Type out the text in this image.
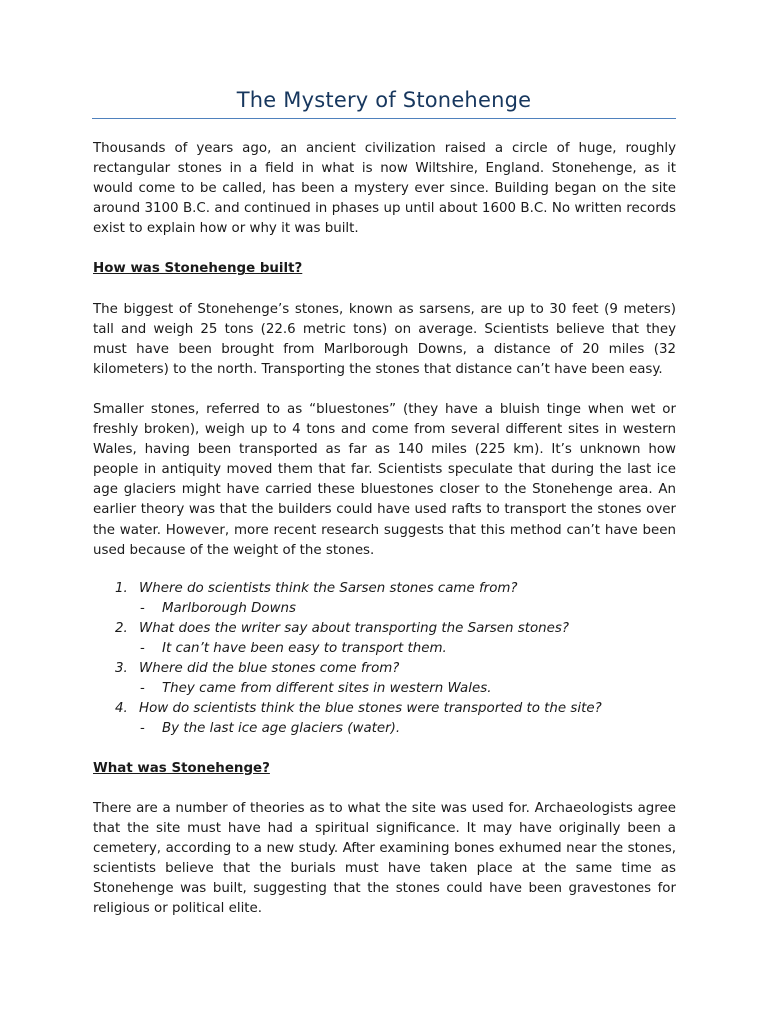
The Mystery of Stonehenge

Thousands of years ago, an ancient civilization raised a circle of huge, roughly rectangular stones in a field in what is now Wiltshire, England. Stonehenge, as it would come to be called, has been a mystery ever since. Building began on the site around 3100 B.C. and continued in phases up until about 1600 B.C. No written records exist to explain how or why it was built.

How was Stonehenge built?

The biggest of Stonehenge’s stones, known as sarsens, are up to 30 feet (9 meters) tall and weigh 25 tons (22.6 metric tons) on average. Scientists believe that they must have been brought from Marlborough Downs, a distance of 20 miles (32 kilometers) to the north. Transporting the stones that distance can’t have been easy.

Smaller stones, referred to as “bluestones” (they have a bluish tinge when wet or freshly broken), weigh up to 4 tons and come from several different sites in western Wales, having been transported as far as 140 miles (225 km). It’s unknown how people in antiquity moved them that far. Scientists speculate that during the last ice age glaciers might have carried these bluestones closer to the Stonehenge area. An earlier theory was that the builders could have used rafts to transport the stones over the water. However, more recent research suggests that this method can’t have been used because of the weight of the stones.

1. Where do scientists think the Sarsen stones came from?
- Marlborough Downs
2. What does the writer say about transporting the Sarsen stones?
- It can’t have been easy to transport them.
3. Where did the blue stones come from?
- They came from different sites in western Wales.
4. How do scientists think the blue stones were transported to the site?
- By the last ice age glaciers (water).
What was Stonehenge?

There are a number of theories as to what the site was used for. Archaeologists agree that the site must have had a spiritual significance. It may have originally been a cemetery, according to a new study. After examining bones exhumed near the stones, scientists believe that the burials must have taken place at the same time as Stonehenge was built, suggesting that the stones could have been gravestones for religious or political elite.
